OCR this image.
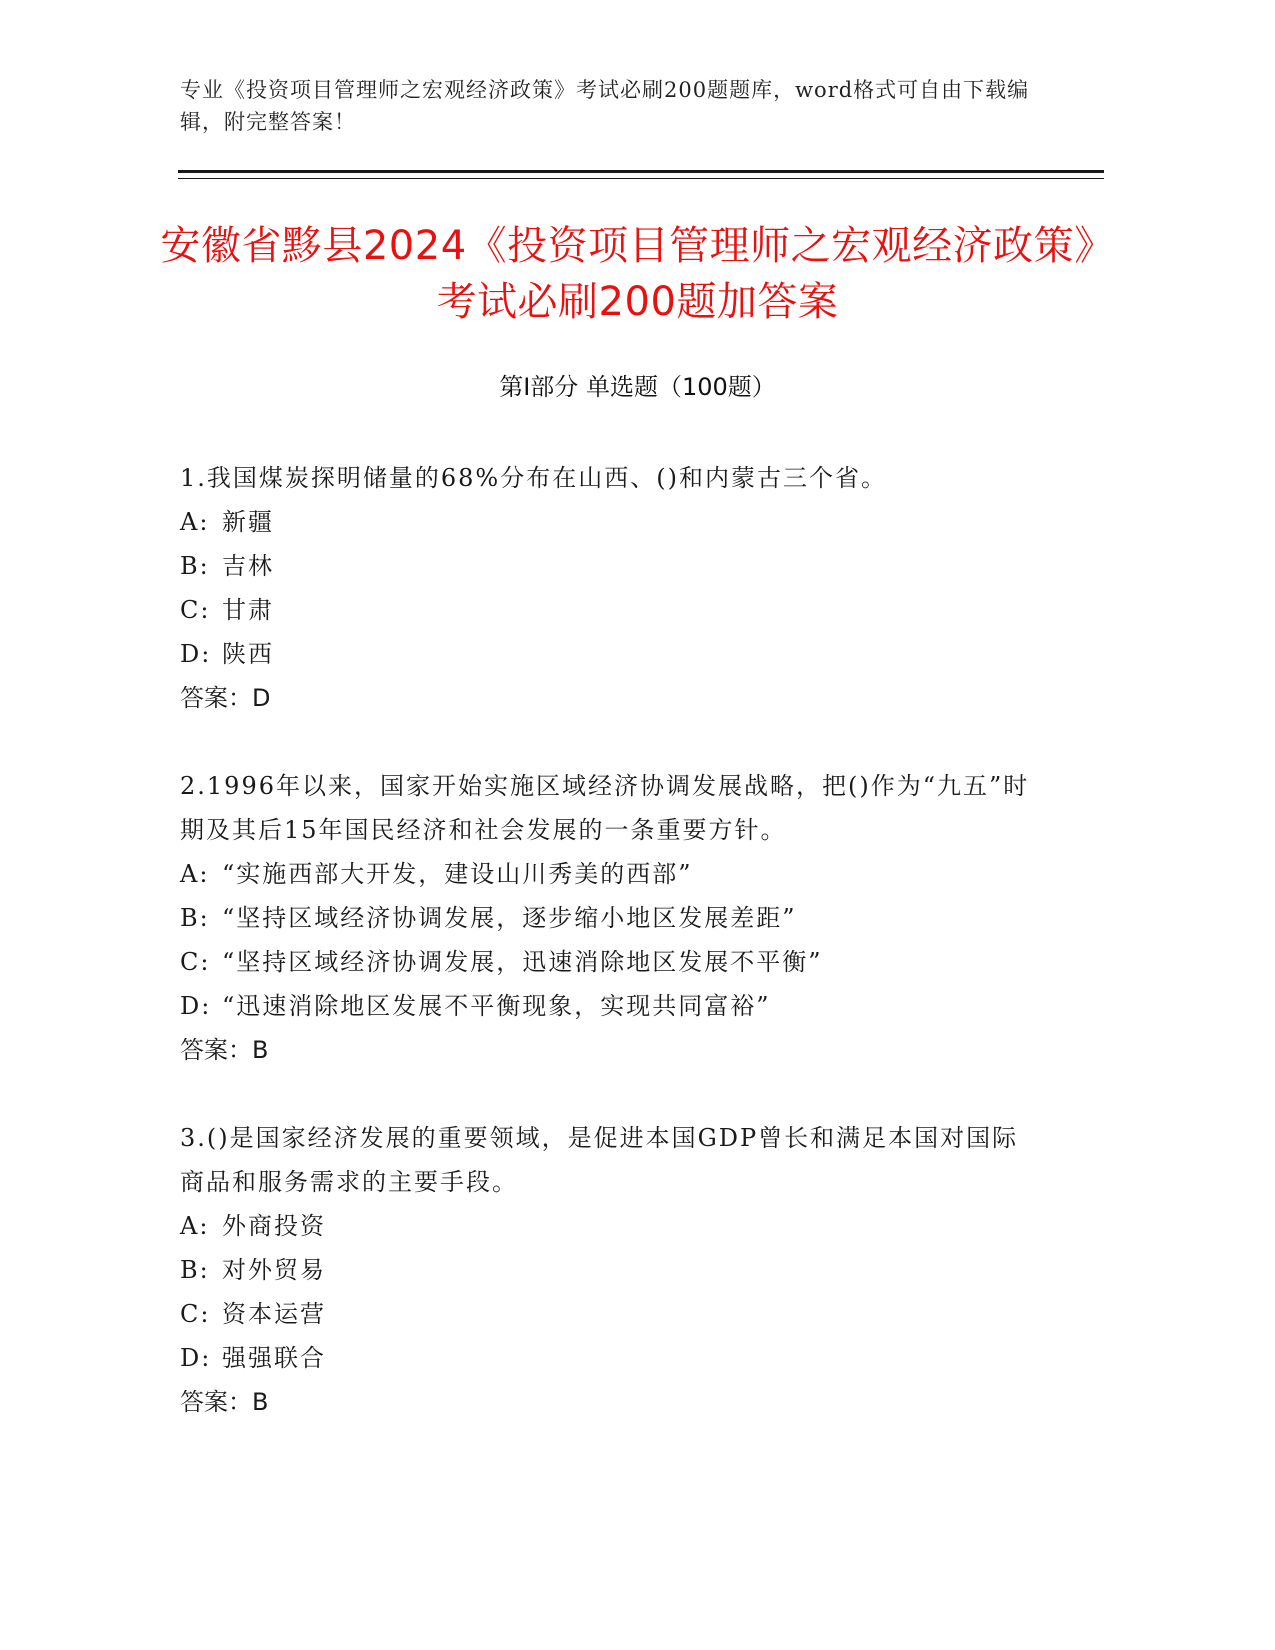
专业《投资项目管理师之宏观经济政策》考试必刷200题题库，word格式可自由下载编辑，附完整答案！
安徽省黟县2024《投资项目管理师之宏观经济政策》考试必刷200题加答案
第I部分 单选题（100题）

1.我国煤炭探明储量的68%分布在山西、()和内蒙古三个省。

A: 新疆

B: 吉林

C: 甘肃

D: 陕西

答案：D

2.1996年以来，国家开始实施区域经济协调发展战略，把()作为“九五”时期及其后15年国民经济和社会发展的一条重要方针。

A: “实施西部大开发，建设山川秀美的西部”

B: “坚持区域经济协调发展，逐步缩小地区发展差距”

C: “坚持区域经济协调发展，迅速消除地区发展不平衡”

D: “迅速消除地区发展不平衡现象，实现共同富裕”

答案：B

3.()是国家经济发展的重要领域，是促进本国GDP曾长和满足本国对国际商品和服务需求的主要手段。

A: 外商投资

B: 对外贸易

C: 资本运营

D: 强强联合

答案：B
